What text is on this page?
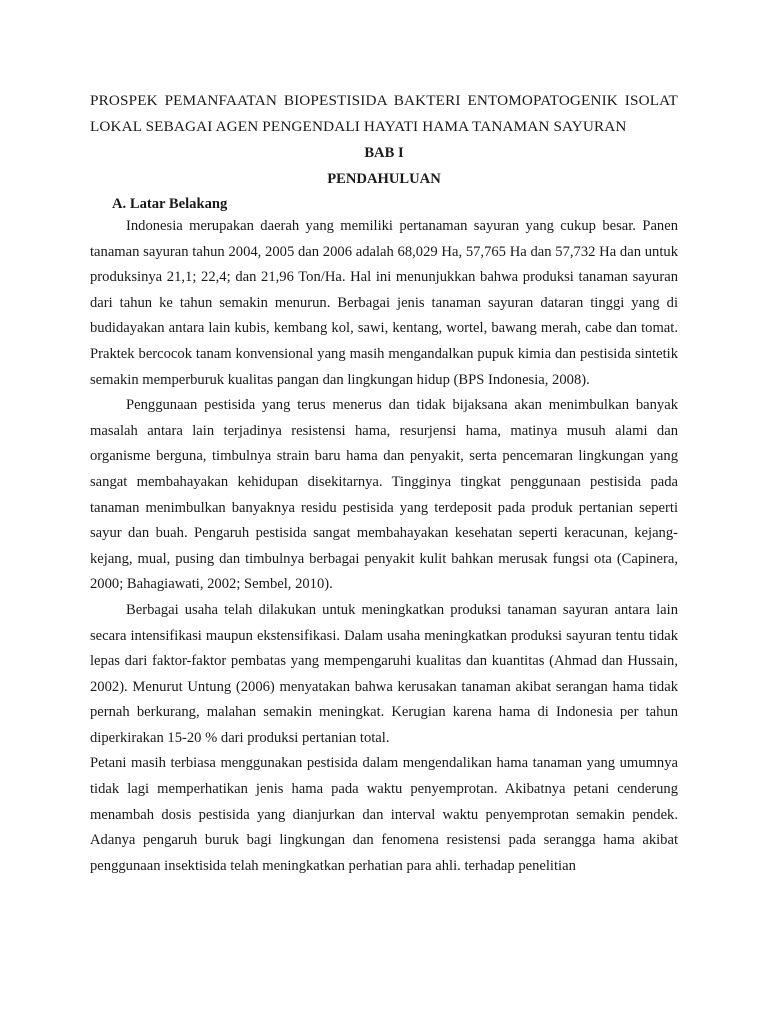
PROSPEK PEMANFAATAN BIOPESTISIDA BAKTERI ENTOMOPATOGENIK ISOLAT
LOKAL SEBAGAI AGEN PENGENDALI HAYATI HAMA TANAMAN SAYURAN

BAB I

PENDAHULUAN

A. Latar Belakang

Indonesia merupakan daerah yang memiliki pertanaman sayuran yang cukup besar. Panen tanaman sayuran tahun 2004, 2005 dan 2006 adalah 68,029 Ha, 57,765 Ha dan 57,732 Ha dan untuk produksinya 21,1; 22,4; dan 21,96 Ton/Ha. Hal ini menunjukkan bahwa produksi tanaman sayuran dari tahun ke tahun semakin menurun. Berbagai jenis tanaman sayuran dataran tinggi yang di budidayakan antara lain kubis, kembang kol, sawi, kentang, wortel, bawang merah, cabe dan tomat. Praktek bercocok tanam konvensional yang masih mengandalkan pupuk kimia dan pestisida sintetik semakin memperburuk kualitas pangan dan lingkungan hidup (BPS Indonesia, 2008).

Penggunaan pestisida yang terus menerus dan tidak bijaksana akan menimbulkan banyak masalah antara lain terjadinya resistensi hama, resurjensi hama, matinya musuh alami dan organisme berguna, timbulnya strain baru hama dan penyakit, serta pencemaran lingkungan yang sangat membahayakan kehidupan disekitarnya. Tingginya tingkat penggunaan pestisida pada tanaman menimbulkan banyaknya residu pestisida yang terdeposit pada produk pertanian seperti sayur dan buah. Pengaruh pestisida sangat membahayakan kesehatan seperti keracunan, kejang-kejang, mual, pusing dan timbulnya berbagai penyakit kulit bahkan merusak fungsi ota (Capinera, 2000; Bahagiawati, 2002; Sembel, 2010).

Berbagai usaha telah dilakukan untuk meningkatkan produksi tanaman sayuran antara lain secara intensifikasi maupun ekstensifikasi. Dalam usaha meningkatkan produksi sayuran tentu tidak lepas dari faktor-faktor pembatas yang mempengaruhi kualitas dan kuantitas (Ahmad dan Hussain, 2002). Menurut Untung (2006) menyatakan bahwa kerusakan tanaman akibat serangan hama tidak pernah berkurang, malahan semakin meningkat. Kerugian karena hama di Indonesia per tahun diperkirakan 15-20 % dari produksi pertanian total.

Petani masih terbiasa menggunakan pestisida dalam mengendalikan hama tanaman yang umumnya tidak lagi memperhatikan jenis hama pada waktu penyemprotan. Akibatnya petani cenderung menambah dosis pestisida yang dianjurkan dan interval waktu penyemprotan semakin pendek. Adanya pengaruh buruk bagi lingkungan dan fenomena resistensi pada serangga hama akibat penggunaan insektisida telah meningkatkan perhatian para ahli. terhadap penelitian
